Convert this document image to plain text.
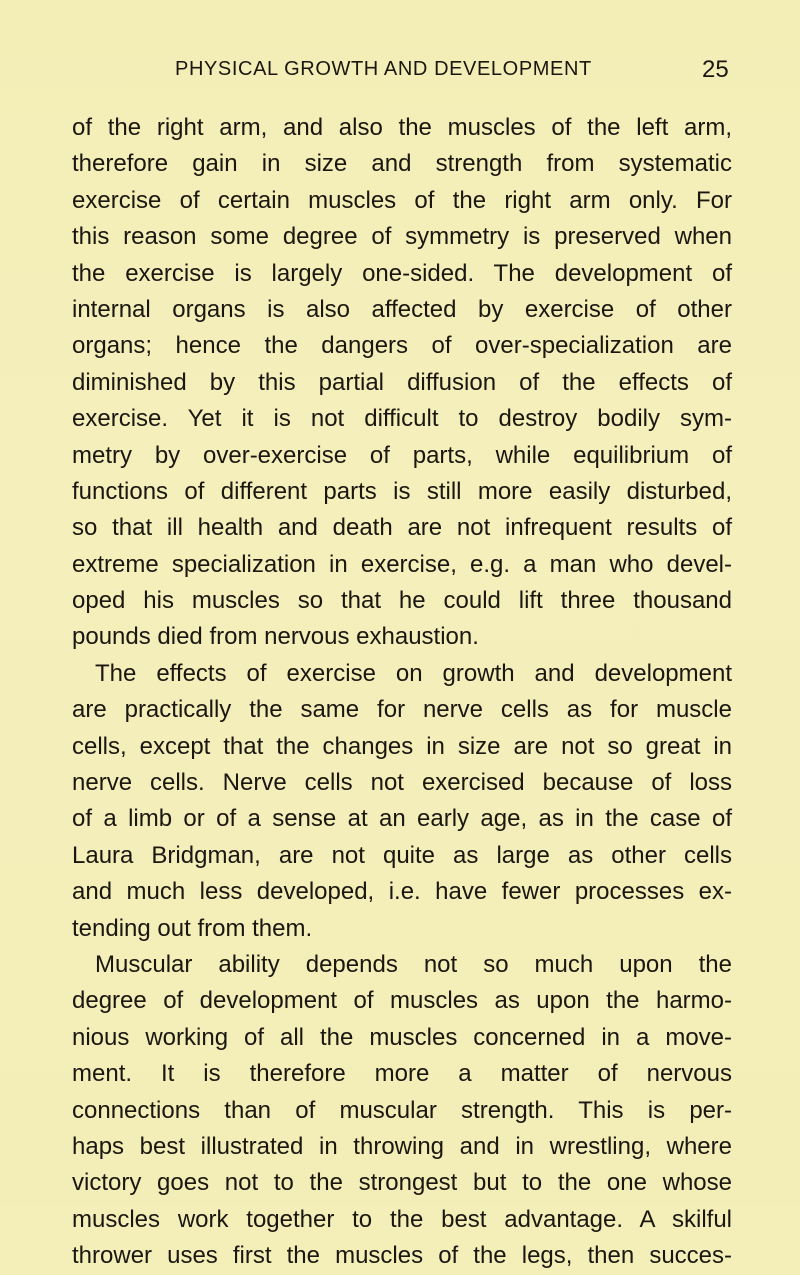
PHYSICAL GROWTH AND DEVELOPMENT	25
of the right arm, and also the muscles of the left arm,
therefore gain in size and strength from systematic
exercise of certain muscles of the right arm only. For
this reason some degree of symmetry is preserved when
the exercise is largely one-sided. The development of
internal organs is also affected by exercise of other
organs; hence the dangers of over-specialization are
diminished by this partial diffusion of the effects of
exercise. Yet it is not difficult to destroy bodily sym-
metry by over-exercise of parts, while equilibrium of
functions of different parts is still more easily disturbed,
so that ill health and death are not infrequent results of
extreme specialization in exercise, e.g. a man who devel-
oped his muscles so that he could lift three thousand
pounds died from nervous exhaustion.
The effects of exercise on growth and development
are practically the same for nerve cells as for muscle
cells, except that the changes in size are not so great in
nerve cells. Nerve cells not exercised because of loss
of a limb or of a sense at an early age, as in the case of
Laura Bridgman, are not quite as large as other cells
and much less developed, i.e. have fewer processes ex-
tending out from them.
Muscular ability depends not so much upon the
degree of development of muscles as upon the harmo-
nious working of all the muscles concerned in a move-
ment. It is therefore more a matter of nervous
connections than of muscular strength. This is per-
haps best illustrated in throwing and in wrestling, where
victory goes not to the strongest but to the one whose
muscles work together to the best advantage. A skilful
thrower uses first the muscles of the legs, then succes-
